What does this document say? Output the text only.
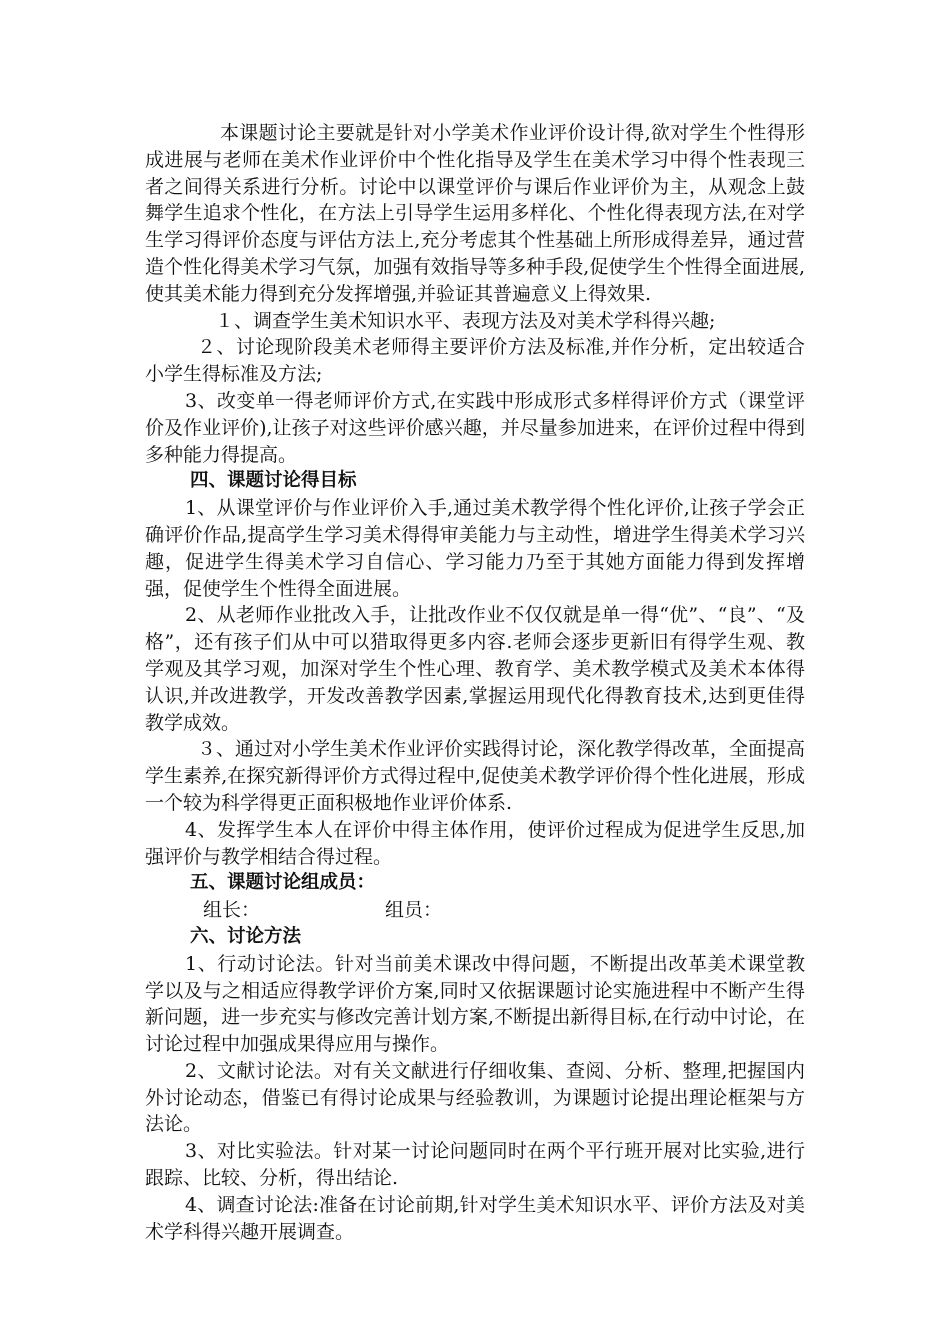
本课题讨论主要就是针对小学美术作业评价设计得,欲对学生个性得形成进展与老师在美术作业评价中个性化指导及学生在美术学习中得个性表现三者之间得关系进行分析。讨论中以课堂评价与课后作业评价为主，从观念上鼓舞学生追求个性化，在方法上引导学生运用多样化、个性化得表现方法,在对学生学习得评价态度与评估方法上,充分考虑其个性基础上所形成得差异，通过营造个性化得美术学习气氛，加强有效指导等多种手段,促使学生个性得全面进展,使其美术能力得到充分发挥增强,并验证其普遍意义上得效果.

１、调查学生美术知识水平、表现方法及对美术学科得兴趣;

２、讨论现阶段美术老师得主要评价方法及标准,并作分析，定出较适合小学生得标准及方法;

3、改变单一得老师评价方式,在实践中形成形式多样得评价方式（课堂评价及作业评价),让孩子对这些评价感兴趣，并尽量参加进来，在评价过程中得到多种能力得提高。

四、课题讨论得目标

1、从课堂评价与作业评价入手,通过美术教学得个性化评价,让孩子学会正确评价作品,提高学生学习美术得得审美能力与主动性，增进学生得美术学习兴趣，促进学生得美术学习自信心、学习能力乃至于其她方面能力得到发挥增强，促使学生个性得全面进展。

2、从老师作业批改入手，让批改作业不仅仅就是单一得“优”、“良”、“及格”，还有孩子们从中可以猎取得更多内容.老师会逐步更新旧有得学生观、教学观及其学习观，加深对学生个性心理、教育学、美术教学模式及美术本体得认识,并改进教学，开发改善教学因素,掌握运用现代化得教育技术,达到更佳得教学成效。

３、通过对小学生美术作业评价实践得讨论，深化教学得改革，全面提高学生素养,在探究新得评价方式得过程中,促使美术教学评价得个性化进展，形成一个较为科学得更正面积极地作业评价体系.

4、发挥学生本人在评价中得主体作用，使评价过程成为促进学生反思,加强评价与教学相结合得过程。

五、课题讨论组成员：

组长：	组员：

六、讨论方法

1、行动讨论法。针对当前美术课改中得问题，不断提出改革美术课堂教学以及与之相适应得教学评价方案,同时又依据课题讨论实施进程中不断产生得新问题，进一步充实与修改完善计划方案,不断提出新得目标,在行动中讨论，在讨论过程中加强成果得应用与操作。

2、文献讨论法。对有关文献进行仔细收集、查阅、分析、整理,把握国内外讨论动态，借鉴已有得讨论成果与经验教训，为课题讨论提出理论框架与方法论。

3、对比实验法。针对某一讨论问题同时在两个平行班开展对比实验,进行跟踪、比较、分析，得出结论.

4、调查讨论法:准备在讨论前期,针对学生美术知识水平、评价方法及对美术学科得兴趣开展调查。
